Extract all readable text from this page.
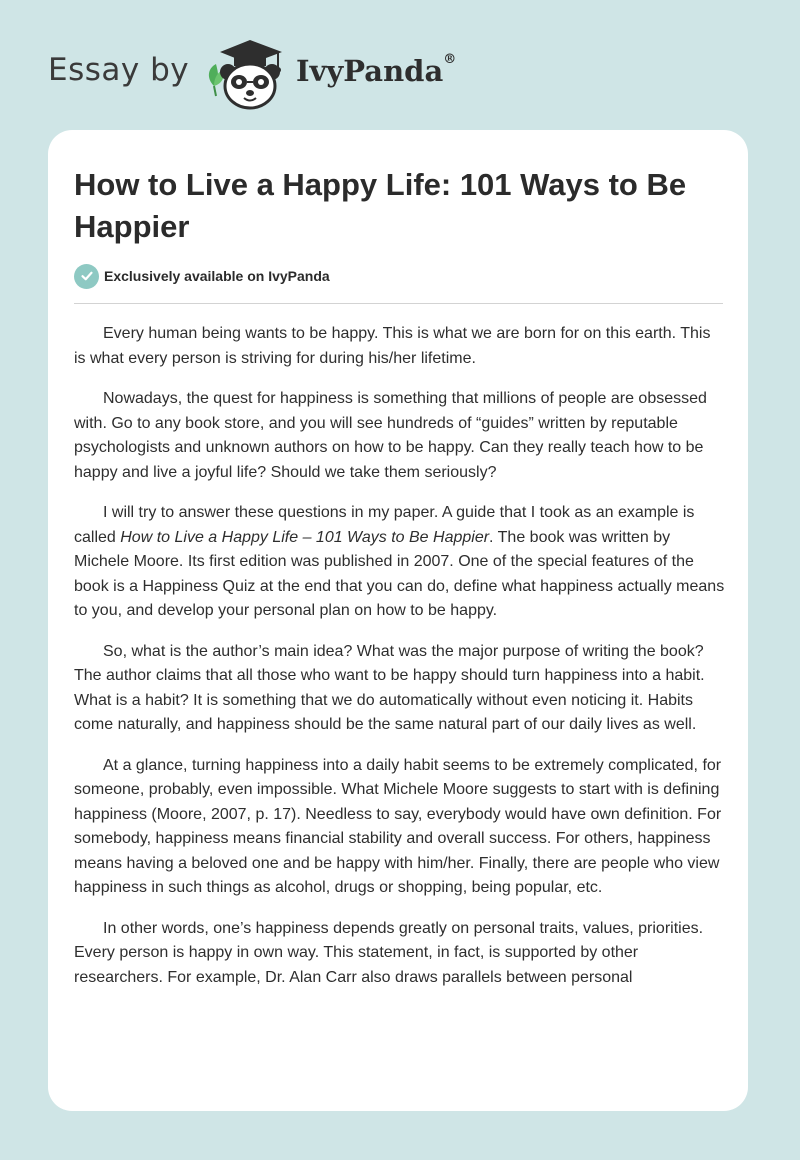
Essay by	IvyPanda®
How to Live a Happy Life: 101 Ways to Be Happier
Exclusively available on IvyPanda

Every human being wants to be happy. This is what we are born for on this earth. This is what every person is striving for during his/her lifetime.

Nowadays, the quest for happiness is something that millions of people are obsessed with. Go to any book store, and you will see hundreds of “guides” written by reputable psychologists and unknown authors on how to be happy. Can they really teach how to be happy and live a joyful life? Should we take them seriously?

I will try to answer these questions in my paper. A guide that I took as an example is called How to Live a Happy Life – 101 Ways to Be Happier. The book was written by Michele Moore. Its first edition was published in 2007. One of the special features of the book is a Happiness Quiz at the end that you can do, define what happiness actually means to you, and develop your personal plan on how to be happy.

So, what is the author’s main idea? What was the major purpose of writing the book? The author claims that all those who want to be happy should turn happiness into a habit. What is a habit? It is something that we do automatically without even noticing it. Habits come naturally, and happiness should be the same natural part of our daily lives as well.

At a glance, turning happiness into a daily habit seems to be extremely complicated, for someone, probably, even impossible. What Michele Moore suggests to start with is defining happiness (Moore, 2007, p. 17). Needless to say, everybody would have own definition. For somebody, happiness means financial stability and overall success. For others, happiness means having a beloved one and be happy with him/her. Finally, there are people who view happiness in such things as alcohol, drugs or shopping, being popular, etc.

In other words, one’s happiness depends greatly on personal traits, values, priorities. Every person is happy in own way. This statement, in fact, is supported by other researchers. For example, Dr. Alan Carr also draws parallels between personal
